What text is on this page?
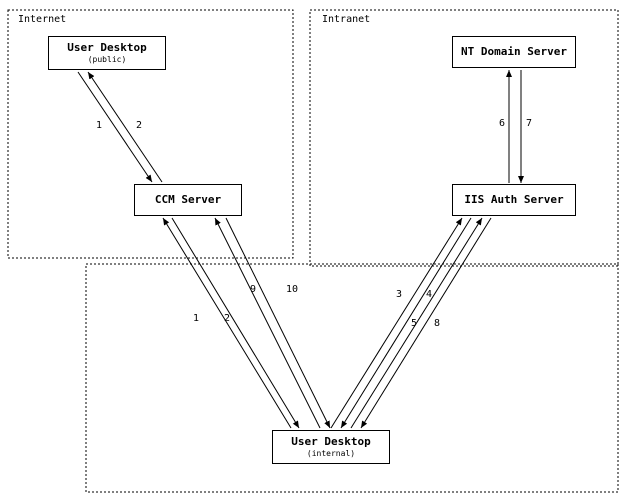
Internet	Intranet
User Desktop
(public)
CCM Server
NT Domain Server
IIS Auth Server
User Desktop
(internal)
1	2	6 7
9	10
1 2
3 4
5 8
